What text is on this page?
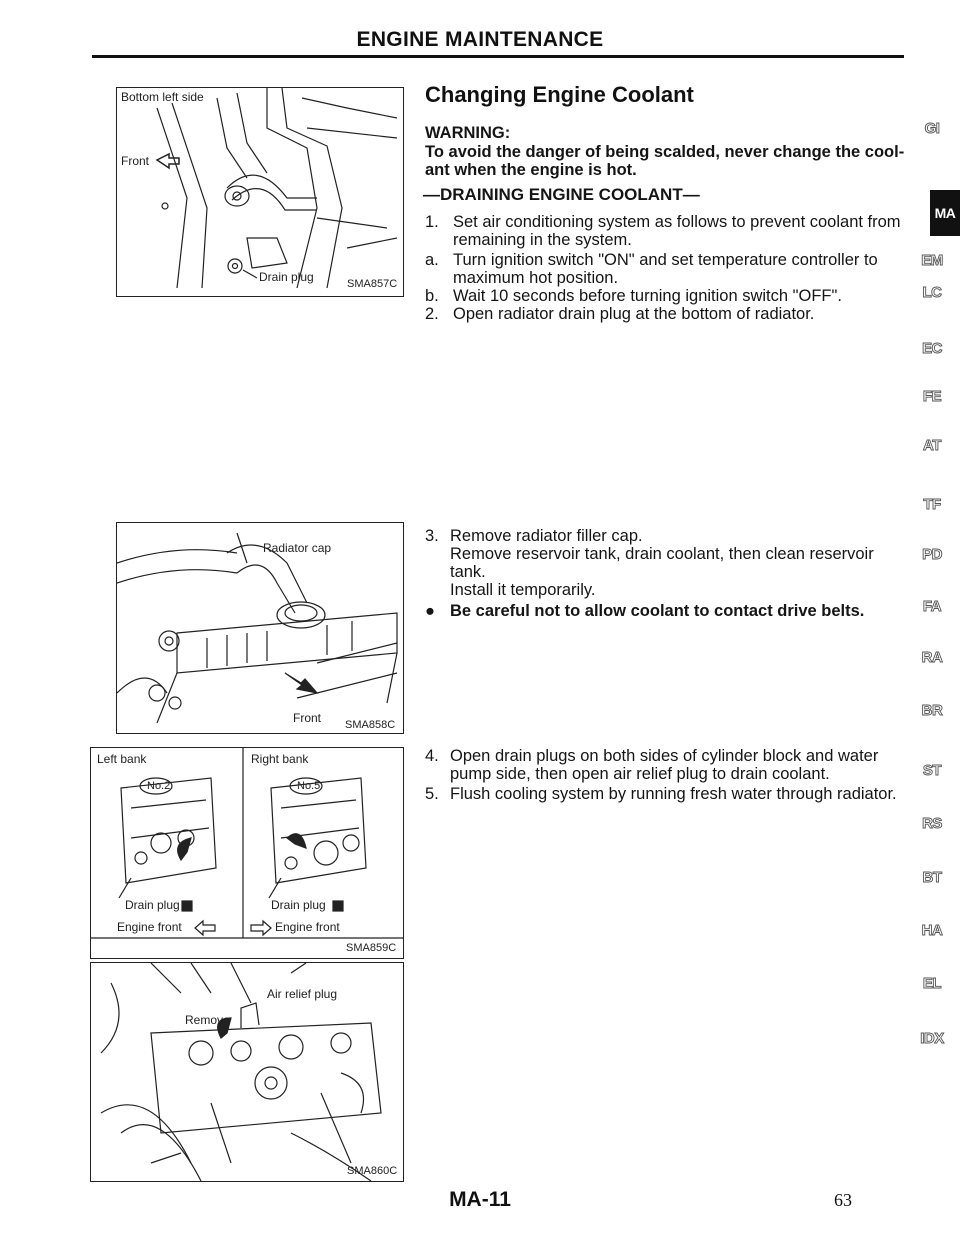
ENGINE MAINTENANCE
Bottom left side
Front
Drain plug	SMA857C
Radiator cap
Front SMA858C
Left bank	Right bank
No.2	No.5
Drain plug	Drain plug
Engine front	Engine front
SMA859C
Air relief plug
Remove
SMA860C
Changing Engine Coolant
WARNING:
To avoid the danger of being scalded, never change the cool-
ant when the engine is hot.
—DRAINING ENGINE COOLANT—
1. Set air conditioning system as follows to prevent coolant from
remaining in the system.
a. Turn ignition switch "ON" and set temperature controller to
maximum hot position.
b. Wait 10 seconds before turning ignition switch "OFF".
2. Open radiator drain plug at the bottom of radiator.
3. Remove radiator filler cap.
Remove reservoir tank, drain coolant, then clean reservoir
tank.
Install it temporarily.
● Be careful not to allow coolant to contact drive belts.
4. Open drain plugs on both sides of cylinder block and water
pump side, then open air relief plug to drain coolant.
5. Flush cooling system by running fresh water through radiator.
GI
MA
EM
LC
EC
FE
AT
TF
PD
FA
RA
BR
ST
RS
BT
HA
EL
IDX
MA-11	63
